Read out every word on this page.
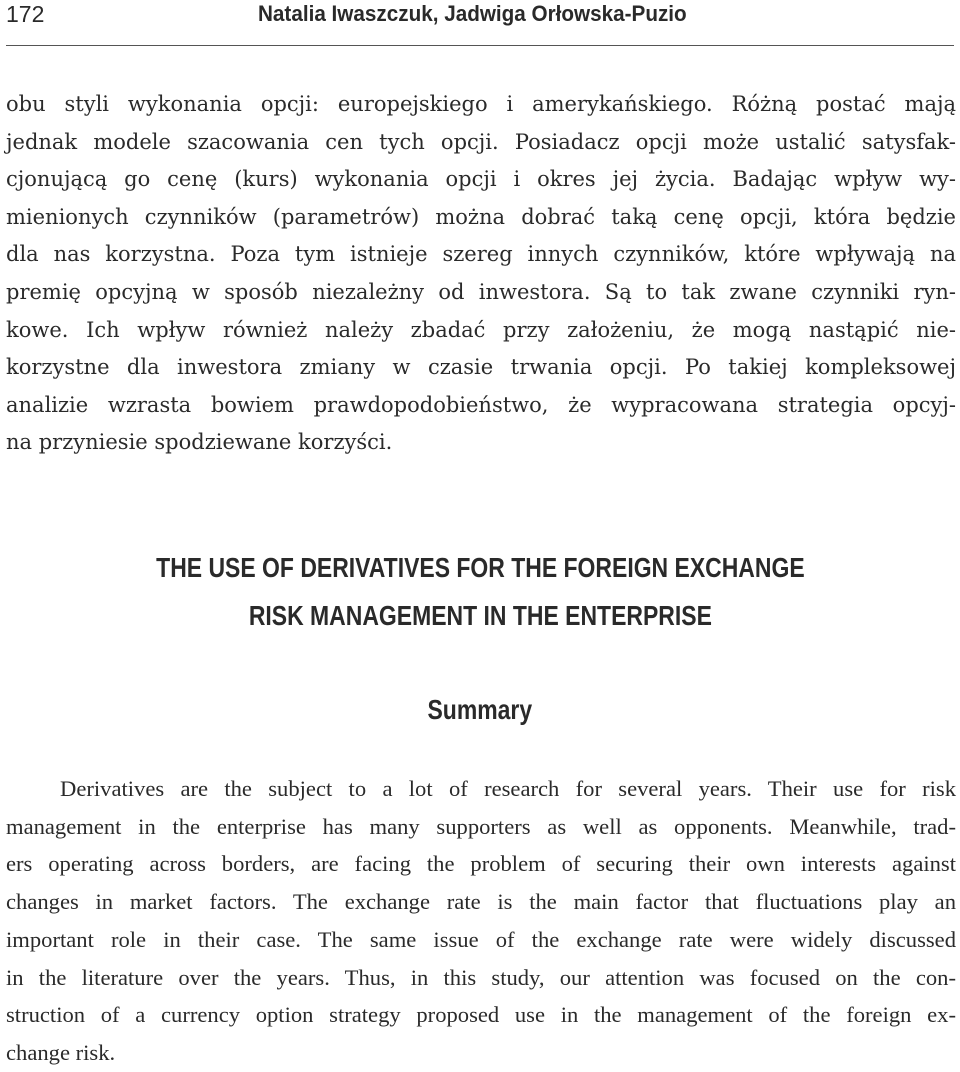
172	Natalia Iwaszczuk, Jadwiga Orłowska-Puzio
obu styli wykonania opcji: europejskiego i amerykańskiego. Różną postać mają
jednak modele szacowania cen tych opcji. Posiadacz opcji może ustalić satysfak-
cjonującą go cenę (kurs) wykonania opcji i okres jej życia. Badając wpływ wy-
mienionych czynników (parametrów) można dobrać taką cenę opcji, która będzie
dla nas korzystna. Poza tym istnieje szereg innych czynników, które wpływają na
premię opcyjną w sposób niezależny od inwestora. Są to tak zwane czynniki ryn-
kowe. Ich wpływ również należy zbadać przy założeniu, że mogą nastąpić nie-
korzystne dla inwestora zmiany w czasie trwania opcji. Po takiej kompleksowej
analizie wzrasta bowiem prawdopodobieństwo, że wypracowana strategia opcyj-
na przyniesie spodziewane korzyści.
THE USE OF DERIVATIVES FOR THE FOREIGN EXCHANGE
RISK MANAGEMENT IN THE ENTERPRISE
Summary
Derivatives are the subject to a lot of research for several years. Their use for risk
management in the enterprise has many supporters as well as opponents. Meanwhile, trad-
ers operating across borders, are facing the problem of securing their own interests against
changes in market factors. The exchange rate is the main factor that fluctuations play an
important role in their case. The same issue of the exchange rate were widely discussed
in the literature over the years. Thus, in this study, our attention was focused on the con-
struction of a currency option strategy proposed use in the management of the foreign ex-
change risk.
